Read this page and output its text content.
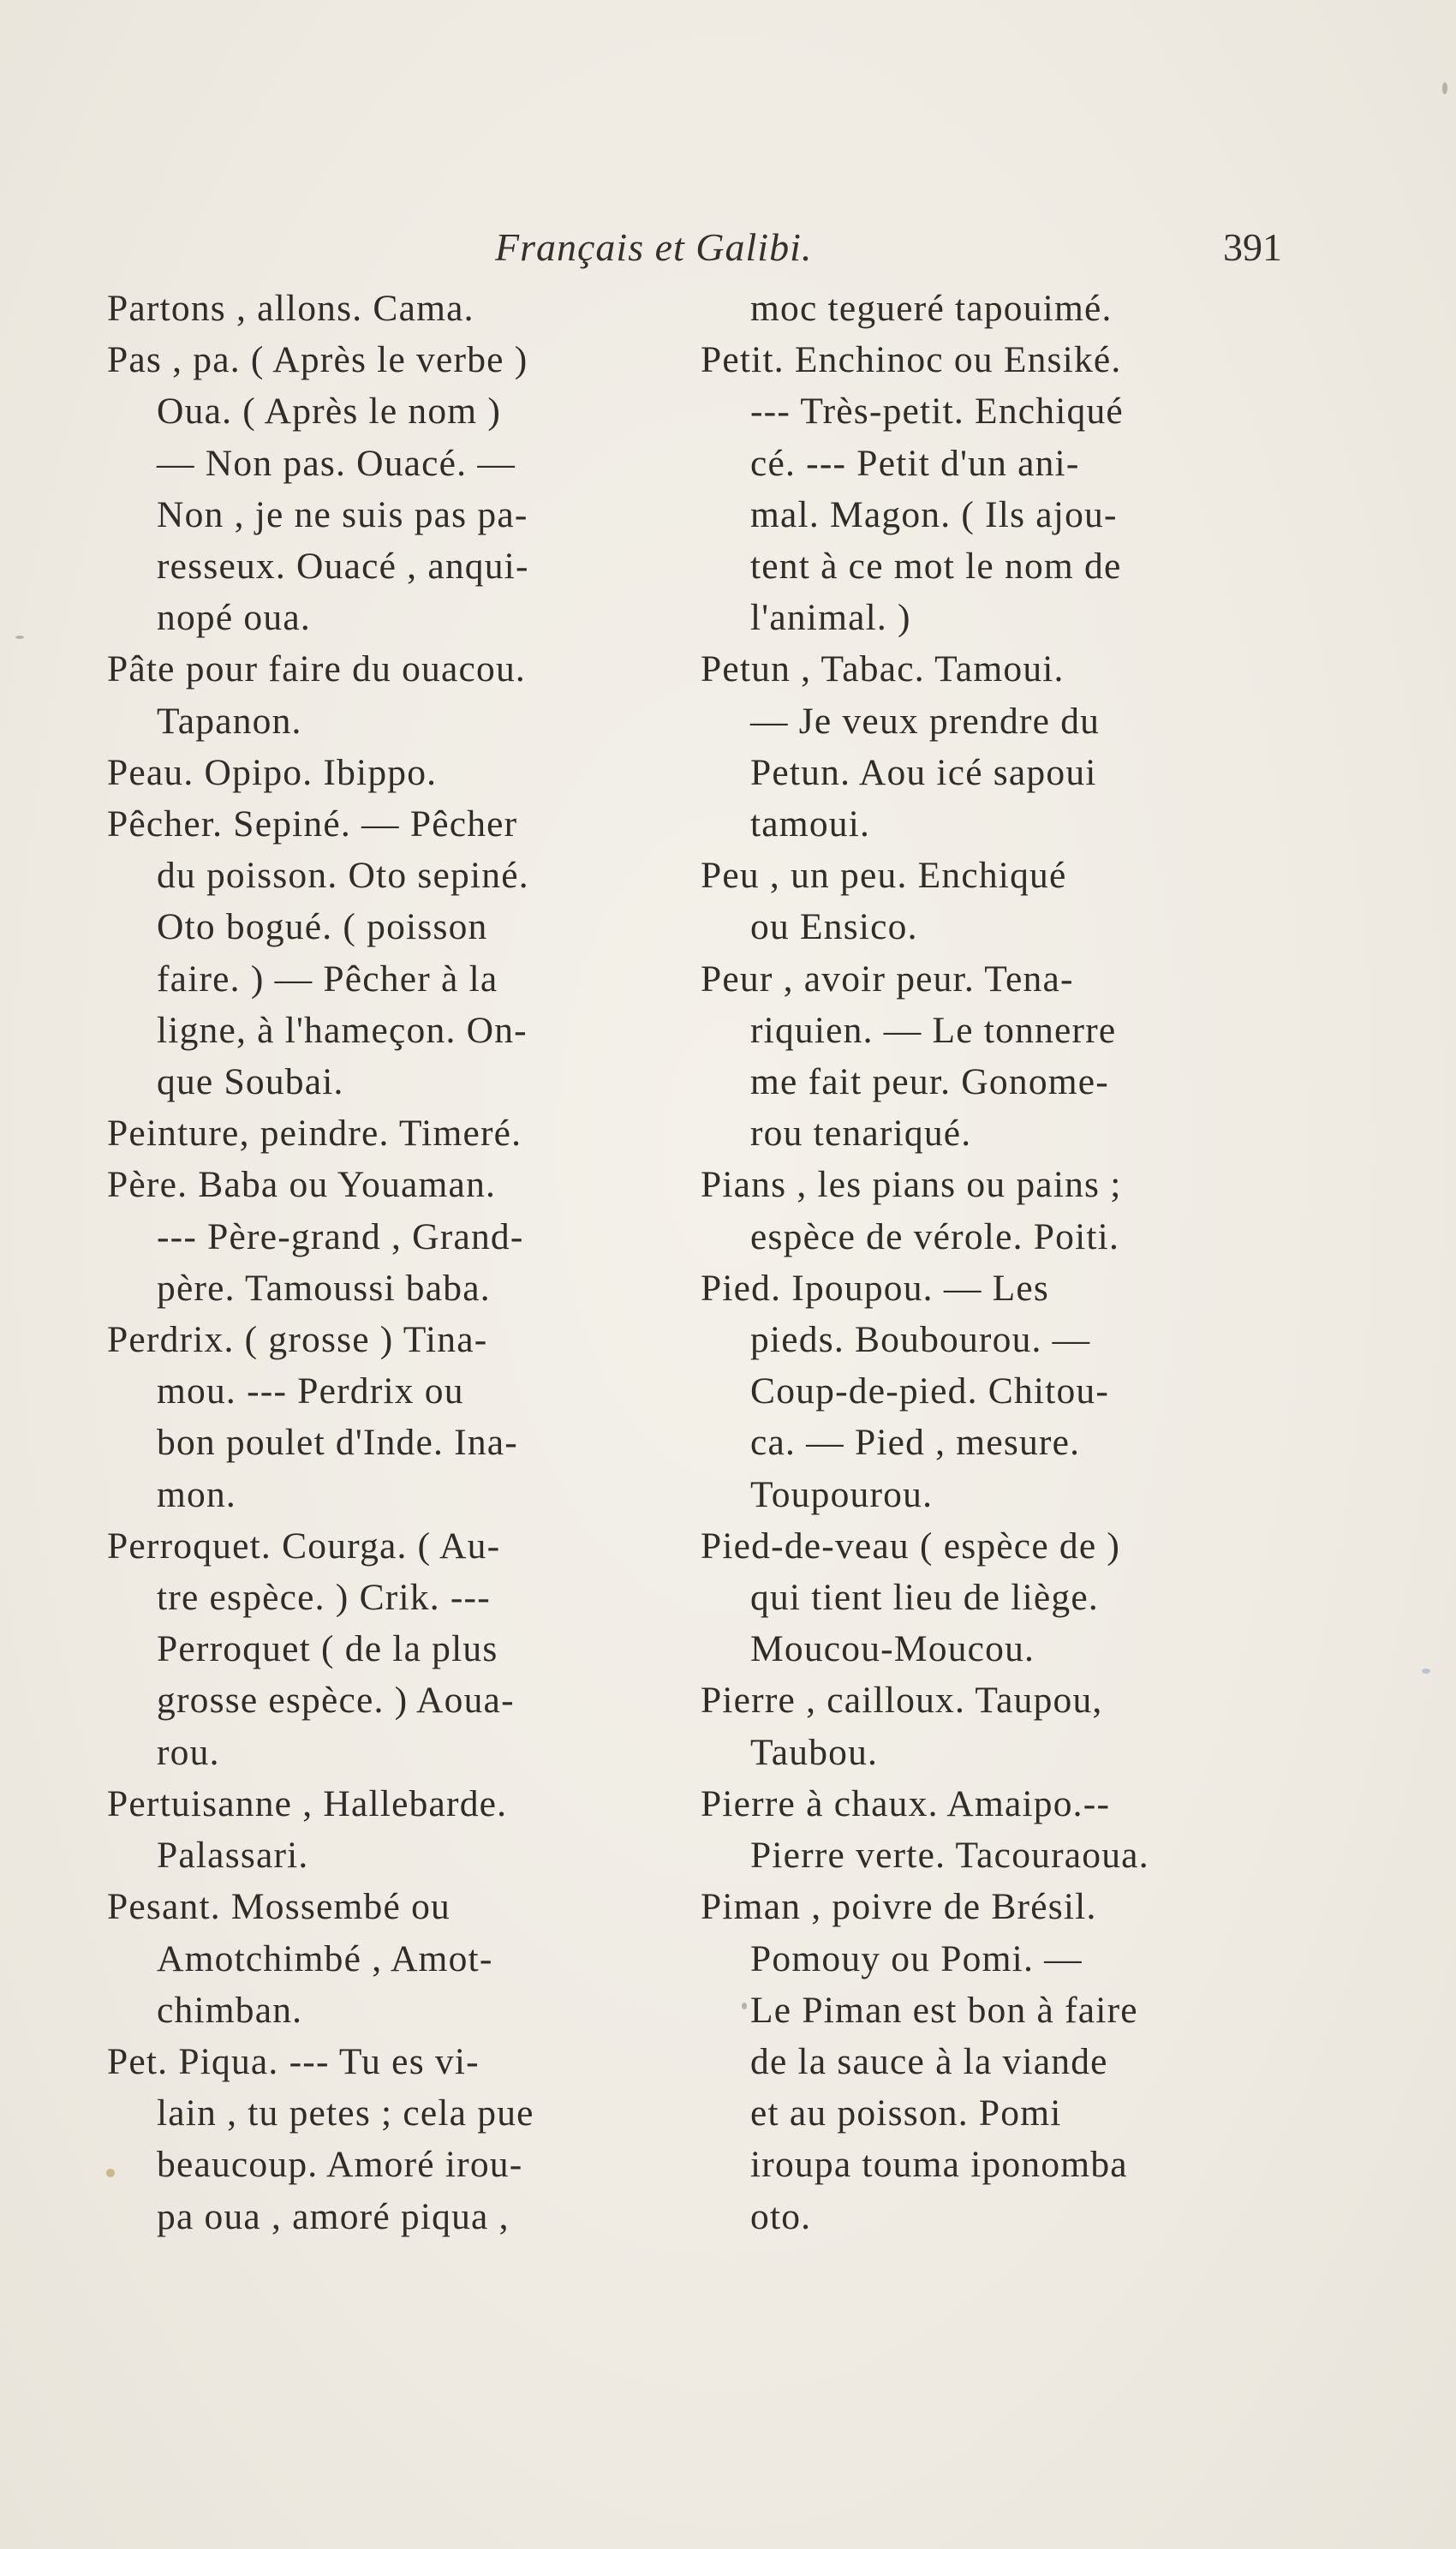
Français et Galibi.	391
Partons , allons. Cama.
Pas , pa. ( Après le verbe )
Oua. ( Après le nom )
— Non pas. Ouacé. —
Non , je ne suis pas pa-
resseux. Ouacé , anqui-
nopé oua.
Pâte pour faire du ouacou.
Tapanon.
Peau. Opipo. Ibippo.
Pêcher. Sepiné. — Pêcher
du poisson. Oto sepiné.
Oto bogué. ( poisson
faire. ) — Pêcher à la
ligne, à l'hameçon. On-
que Soubai.
Peinture, peindre. Timeré.
Père. Baba ou Youaman.
--- Père-grand , Grand-
père. Tamoussi baba.
Perdrix. ( grosse ) Tina-
mou. --- Perdrix ou
bon poulet d'Inde. Ina-
mon.
Perroquet. Courga. ( Au-
tre espèce. ) Crik. ---
Perroquet ( de la plus
grosse espèce. ) Aoua-
rou.
Pertuisanne , Hallebarde.
Palassari.
Pesant. Mossembé ou
Amotchimbé , Amot-
chimban.
Pet. Piqua. --- Tu es vi-
lain , tu petes ; cela pue
beaucoup. Amoré irou-
pa oua , amoré piqua ,
moc tegueré tapouimé.
Petit. Enchinoc ou Ensiké.
--- Très-petit. Enchiqué
cé. --- Petit d'un ani-
mal. Magon. ( Ils ajou-
tent à ce mot le nom de
l'animal. )
Petun , Tabac. Tamoui.
— Je veux prendre du
Petun. Aou icé sapoui
tamoui.
Peu , un peu. Enchiqué
ou Ensico.
Peur , avoir peur. Tena-
riquien. — Le tonnerre
me fait peur. Gonome-
rou tenariqué.
Pians , les pians ou pains ;
espèce de vérole. Poiti.
Pied. Ipoupou. — Les
pieds. Boubourou. —
Coup-de-pied. Chitou-
ca. — Pied , mesure.
Toupourou.
Pied-de-veau ( espèce de )
qui tient lieu de liège.
Moucou-Moucou.
Pierre , cailloux. Taupou,
Taubou.
Pierre à chaux. Amaipo.--
Pierre verte. Tacouraoua.
Piman , poivre de Brésil.
Pomouy ou Pomi. —
Le Piman est bon à faire
de la sauce à la viande
et au poisson. Pomi
iroupa touma iponomba
oto.
